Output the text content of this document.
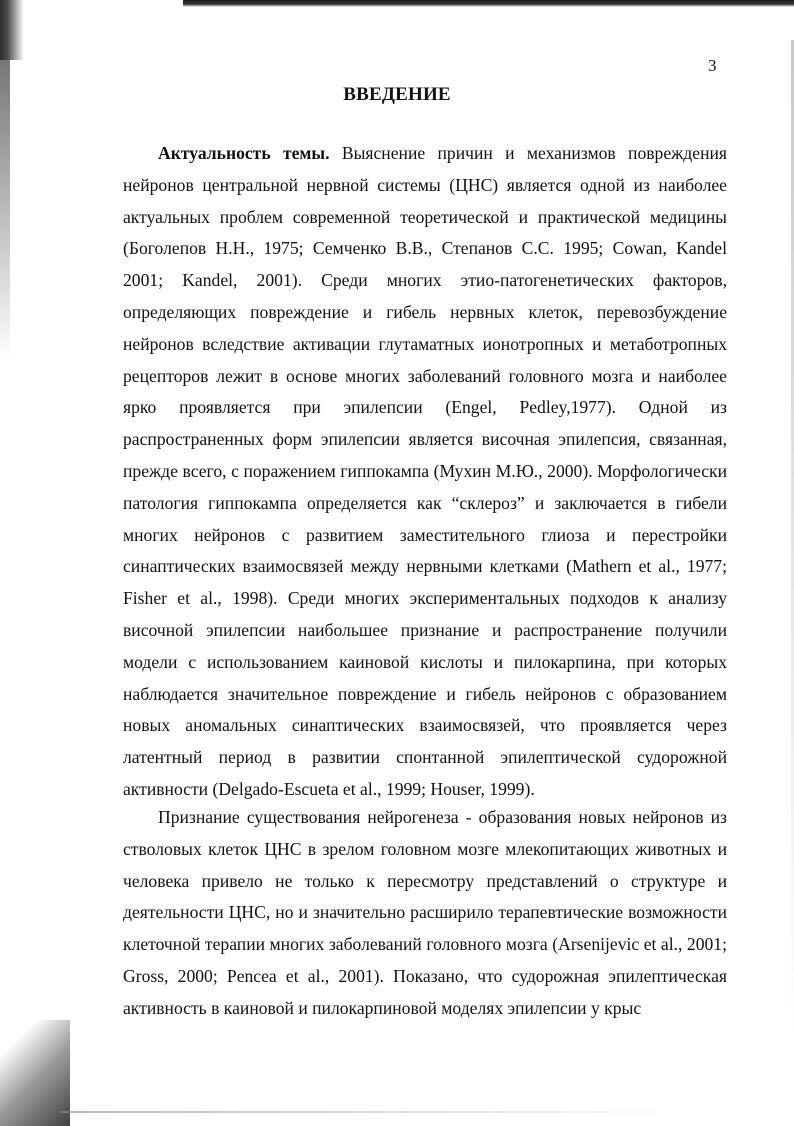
3
ВВЕДЕНИЕ

Актуальность темы. Выяснение причин и механизмов повреждения нейронов центральной нервной системы (ЦНС) является одной из наиболее актуальных проблем современной теоретической и практической медицины (Боголепов Н.Н., 1975; Семченко В.В., Степанов С.С. 1995; Cowan, Kandel 2001; Kandel, 2001). Среди многих этио-патогенетических факторов, определяющих повреждение и гибель нервных клеток, перевозбуждение нейронов вследствие активации глутаматных ионотропных и метаботропных рецепторов лежит в основе многих заболеваний головного мозга и наиболее ярко проявляется при эпилепсии (Engel, Pedley,1977). Одной из распространенных форм эпилепсии является височная эпилепсия, связанная, прежде всего, с поражением гиппокампа (Мухин М.Ю., 2000). Морфологически патология гиппокампа определяется как “склероз” и заключается в гибели многих нейронов с развитием заместительного глиоза и перестройки синаптических взаимосвязей между нервными клетками (Mathern et al., 1977; Fisher et al., 1998). Среди многих экспериментальных подходов к анализу височной эпилепсии наибольшее признание и распространение получили модели с использованием каиновой кислоты и пилокарпина, при которых наблюдается значительное повреждение и гибель нейронов с образованием новых аномальных синаптических взаимосвязей, что проявляется через латентный период в развитии спонтанной эпилептической судорожной активности (Delgado-Escueta et al., 1999; Houser, 1999).

Признание существования нейрогенеза - образования новых нейронов из стволовых клеток ЦНС в зрелом головном мозге млекопитающих животных и человека привело не только к пересмотру представлений о структуре и деятельности ЦНС, но и значительно расширило терапевтические возможности клеточной терапии многих заболеваний головного мозга (Arsenijevic et al., 2001; Gross, 2000; Pencea et al., 2001). Показано, что судорожная эпилептическая активность в каиновой и пилокарпиновой моделях эпилепсии у крыс
